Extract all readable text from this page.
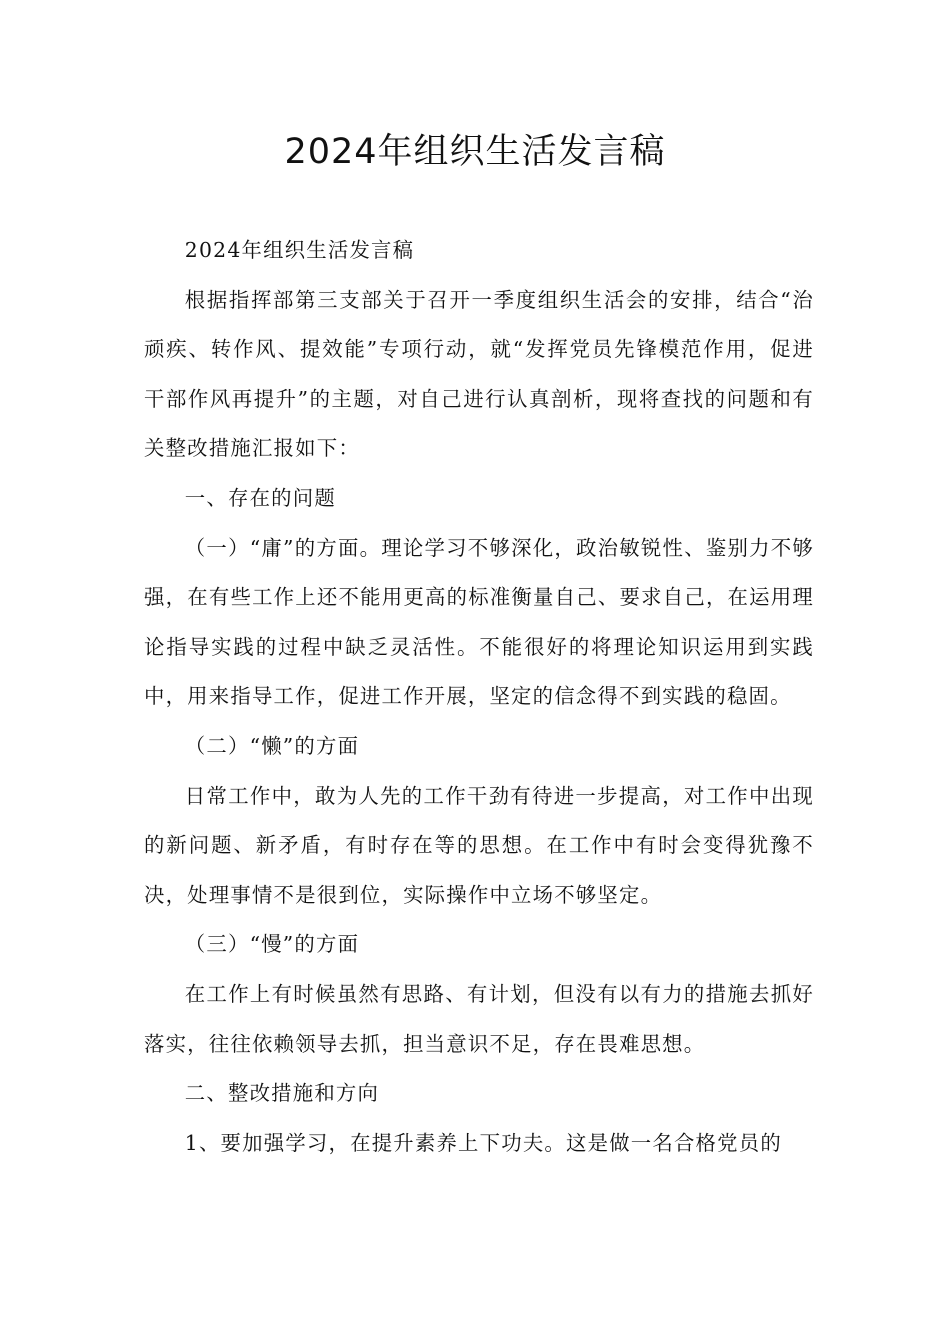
2024年组织生活发言稿

2024年组织生活发言稿

根据指挥部第三支部关于召开一季度组织生活会的安排，结合“治顽疾、转作风、提效能”专项行动，就“发挥党员先锋模范作用，促进干部作风再提升”的主题，对自己进行认真剖析，现将查找的问题和有关整改措施汇报如下：

一、存在的问题

（一）“庸”的方面。理论学习不够深化，政治敏锐性、鉴别力不够强，在有些工作上还不能用更高的标准衡量自己、要求自己，在运用理论指导实践的过程中缺乏灵活性。不能很好的将理论知识运用到实践中，用来指导工作，促进工作开展，坚定的信念得不到实践的稳固。

（二）“懒”的方面

日常工作中，敢为人先的工作干劲有待进一步提高，对工作中出现的新问题、新矛盾，有时存在等的思想。在工作中有时会变得犹豫不决，处理事情不是很到位，实际操作中立场不够坚定。

（三）“慢”的方面

在工作上有时候虽然有思路、有计划，但没有以有力的措施去抓好落实，往往依赖领导去抓，担当意识不足，存在畏难思想。

二、整改措施和方向

1、要加强学习，在提升素养上下功夫。这是做一名合格党员的
